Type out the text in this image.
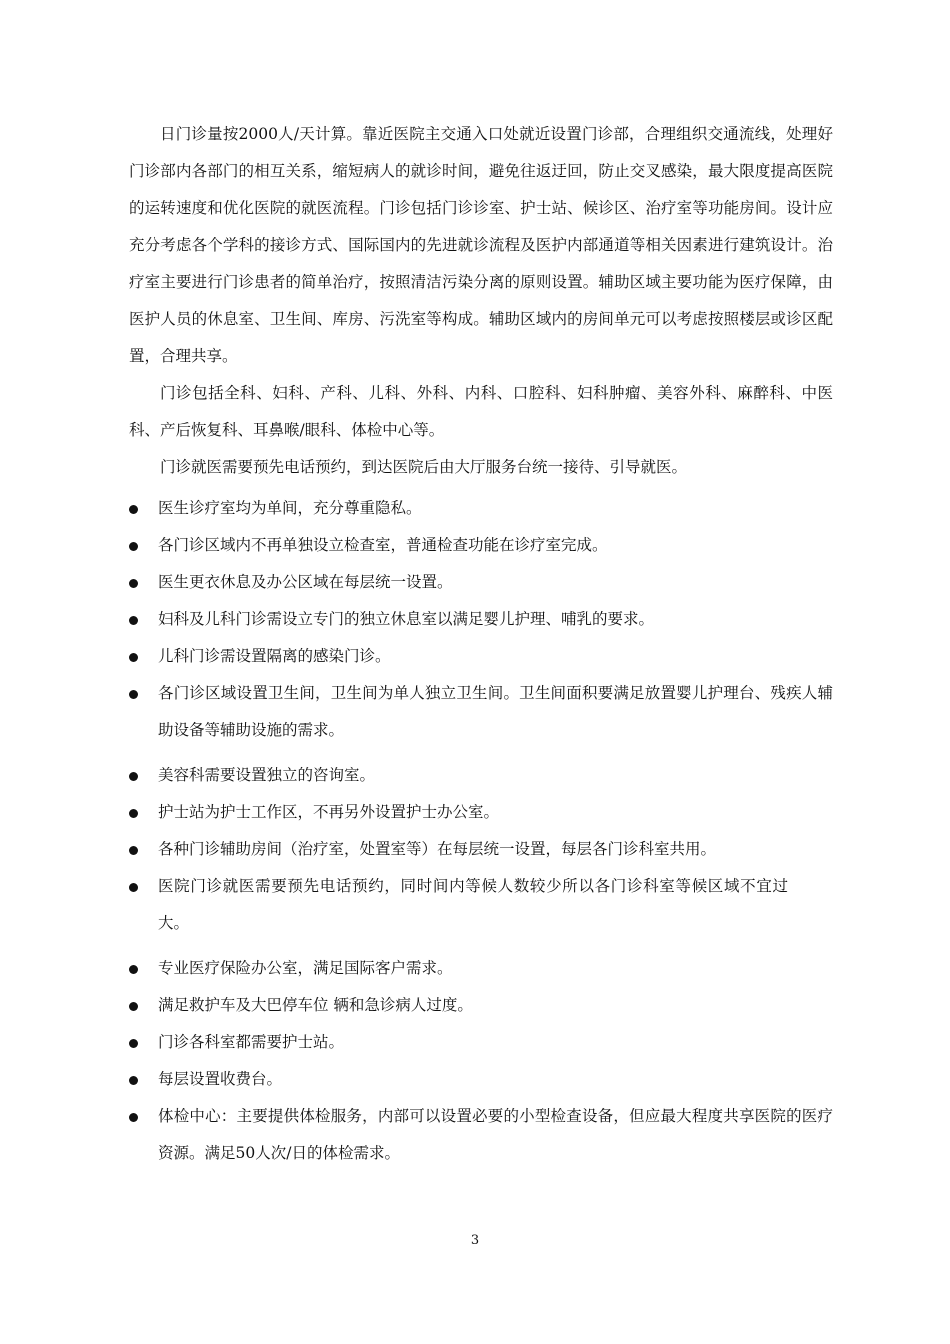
日门诊量按2000人/天计算。靠近医院主交通入口处就近设置门诊部，合理组织交通流线，处理好门诊部内各部门的相互关系，缩短病人的就诊时间，避免往返迂回，防止交叉感染，最大限度提高医院的运转速度和优化医院的就医流程。门诊包括门诊诊室、护士站、候诊区、治疗室等功能房间。设计应充分考虑各个学科的接诊方式、国际国内的先进就诊流程及医护内部通道等相关因素进行建筑设计。治疗室主要进行门诊患者的简单治疗，按照清洁污染分离的原则设置。辅助区域主要功能为医疗保障，由医护人员的休息室、卫生间、库房、污洗室等构成。辅助区域内的房间单元可以考虑按照楼层或诊区配置，合理共享。

门诊包括全科、妇科、产科、儿科、外科、内科、口腔科、妇科肿瘤、美容外科、麻醉科、中医科、产后恢复科、耳鼻喉/眼科、体检中心等。

门诊就医需要预先电话预约，到达医院后由大厅服务台统一接待、引导就医。

医生诊疗室均为单间，充分尊重隐私。
各门诊区域内不再单独设立检查室，普通检查功能在诊疗室完成。
医生更衣休息及办公区域在每层统一设置。
妇科及儿科门诊需设立专门的独立休息室以满足婴儿护理、哺乳的要求。
儿科门诊需设置隔离的感染门诊。
各门诊区域设置卫生间，卫生间为单人独立卫生间。卫生间面积要满足放置婴儿护理台、残疾人辅助设备等辅助设施的需求。
美容科需要设置独立的咨询室。
护士站为护士工作区，不再另外设置护士办公室。
各种门诊辅助房间（治疗室，处置室等）在每层统一设置，每层各门诊科室共用。
医院门诊就医需要预先电话预约，同时间内等候人数较少所以各门诊科室等候区域不宜过大。
专业医疗保险办公室，满足国际客户需求。
满足救护车及大巴停车位 辆和急诊病人过度。
门诊各科室都需要护士站。
每层设置收费台。
体检中心：主要提供体检服务，内部可以设置必要的小型检查设备，但应最大程度共享医院的医疗资源。满足50人次/日的体检需求。
3
